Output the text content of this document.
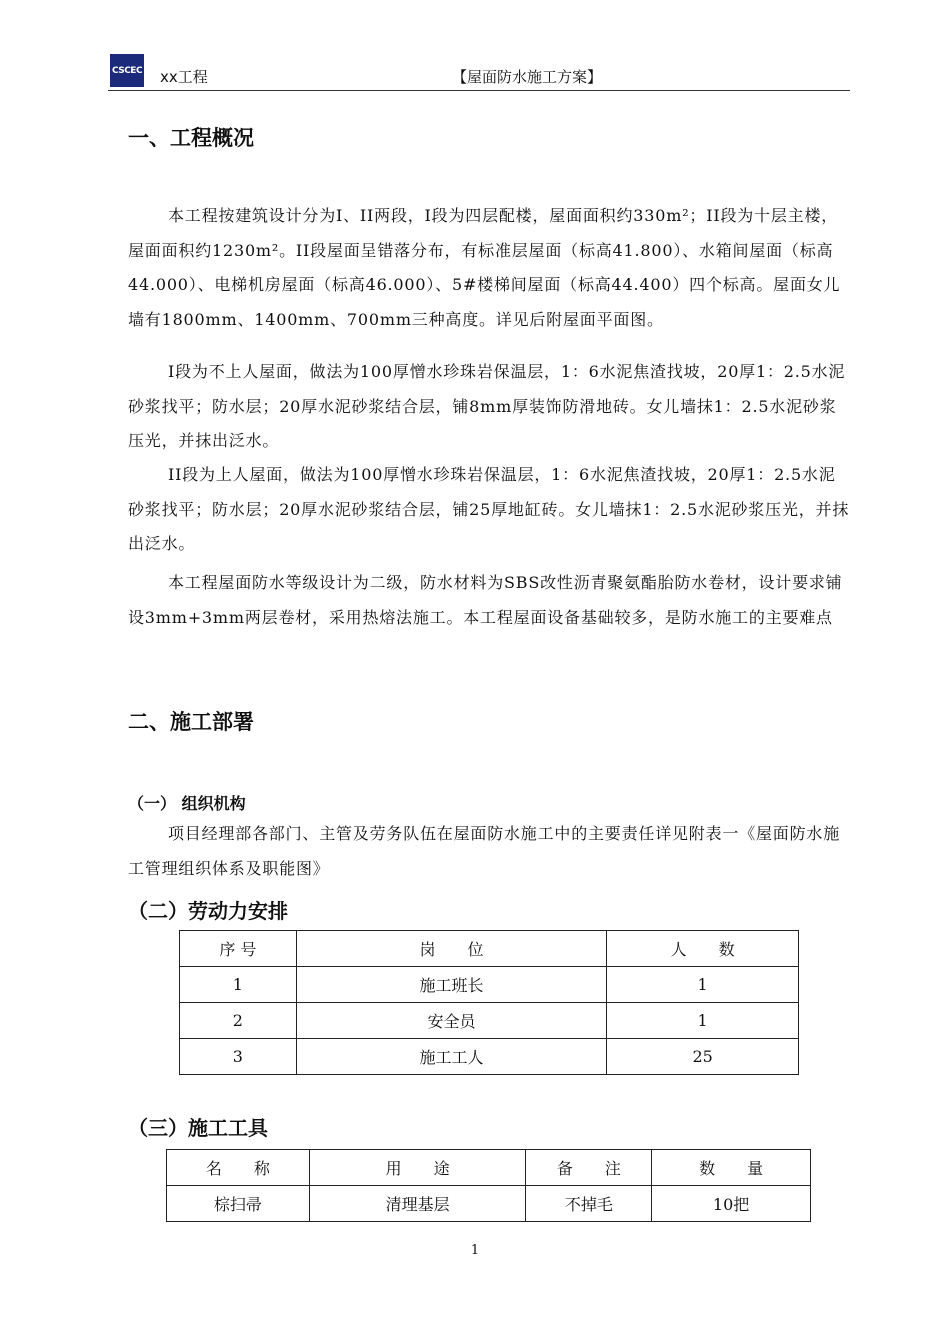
CSCEC xx工程	【屋面防水施工方案】
一、工程概况

本工程按建筑设计分为I、II两段，I段为四层配楼，屋面面积约330m²；II段为十层主楼，屋面面积约1230m²。II段屋面呈错落分布，有标准层屋面（标高41.800）、水箱间屋面（标高44.000）、电梯机房屋面（标高46.000）、5#楼梯间屋面（标高44.400）四个标高。屋面女儿墙有1800mm、1400mm、700mm三种高度。详见后附屋面平面图。

I段为不上人屋面，做法为100厚憎水珍珠岩保温层，1：6水泥焦渣找坡，20厚1：2.5水泥砂浆找平；防水层；20厚水泥砂浆结合层，铺8mm厚装饰防滑地砖。女儿墙抹1：2.5水泥砂浆压光，并抹出泛水。

II段为上人屋面，做法为100厚憎水珍珠岩保温层，1：6水泥焦渣找坡，20厚1：2.5水泥砂浆找平；防水层；20厚水泥砂浆结合层，铺25厚地缸砖。女儿墙抹1：2.5水泥砂浆压光，并抹出泛水。

本工程屋面防水等级设计为二级，防水材料为SBS改性沥青聚氨酯胎防水卷材，设计要求铺设3mm+3mm两层卷材，采用热熔法施工。本工程屋面设备基础较多，是防水施工的主要难点

二、施工部署
（一） 组织机构

项目经理部各部门、主管及劳务队伍在屋面防水施工中的主要责任详见附表一《屋面防水施工管理组织体系及职能图》

（二）劳动力安排
序 号	岗　　位	人　　数
1	施工班长	1
2	安全员	1
3	施工工人	25
（三）施工工具
名　　称	用　　途	备　　注	数　　量
棕扫帚	清理基层	不掉毛	10把
1
